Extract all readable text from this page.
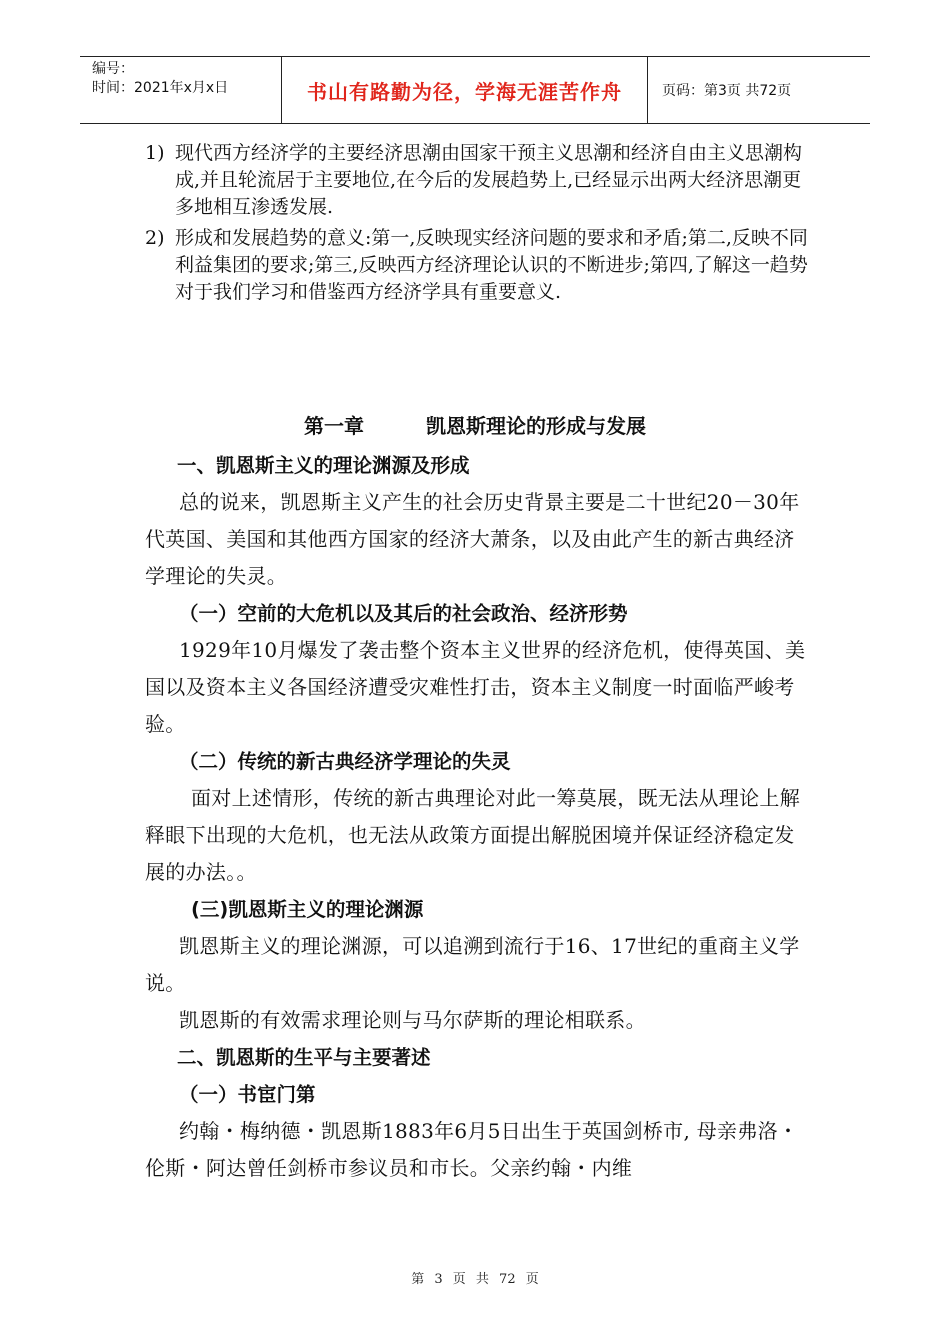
编号：
时间：2021年x月x日	书山有路勤为径，学海无涯苦作舟	页码：第3页 共72页

1) 现代西方经济学的主要经济思潮由国家干预主义思潮和经济自由主义思潮构成,并且轮流居于主要地位,在今后的发展趋势上,已经显示出两大经济思潮更多地相互渗透发展.

2) 形成和发展趋势的意义:第一,反映现实经济问题的要求和矛盾;第二,反映不同利益集团的要求;第三,反映西方经济理论认识的不断进步;第四,了解这一趋势对于我们学习和借鉴西方经济学具有重要意义.

第一章	凯恩斯理论的形成与发展

一、凯恩斯主义的理论渊源及形成

总的说来，凯恩斯主义产生的社会历史背景主要是二十世纪20－30年代英国、美国和其他西方国家的经济大萧条，以及由此产生的新古典经济学理论的失灵。

（一）空前的大危机以及其后的社会政治、经济形势

1929年10月爆发了袭击整个资本主义世界的经济危机，使得英国、美国以及资本主义各国经济遭受灾难性打击，资本主义制度一时面临严峻考验。

（二）传统的新古典经济学理论的失灵

面对上述情形，传统的新古典理论对此一筹莫展，既无法从理论上解释眼下出现的大危机，也无法从政策方面提出解脱困境并保证经济稳定发展的办法。。

(三)凯恩斯主义的理论渊源

凯恩斯主义的理论渊源，可以追溯到流行于16、17世纪的重商主义学说。

凯恩斯的有效需求理论则与马尔萨斯的理论相联系。

二、凯恩斯的生平与主要著述

（一）书宦门第

约翰・梅纳德・凯恩斯1883年6月5日出生于英国剑桥市, 母亲弗洛・伦斯・阿达曾任剑桥市参议员和市长。父亲约翰・内维

第 3 页 共 72 页
